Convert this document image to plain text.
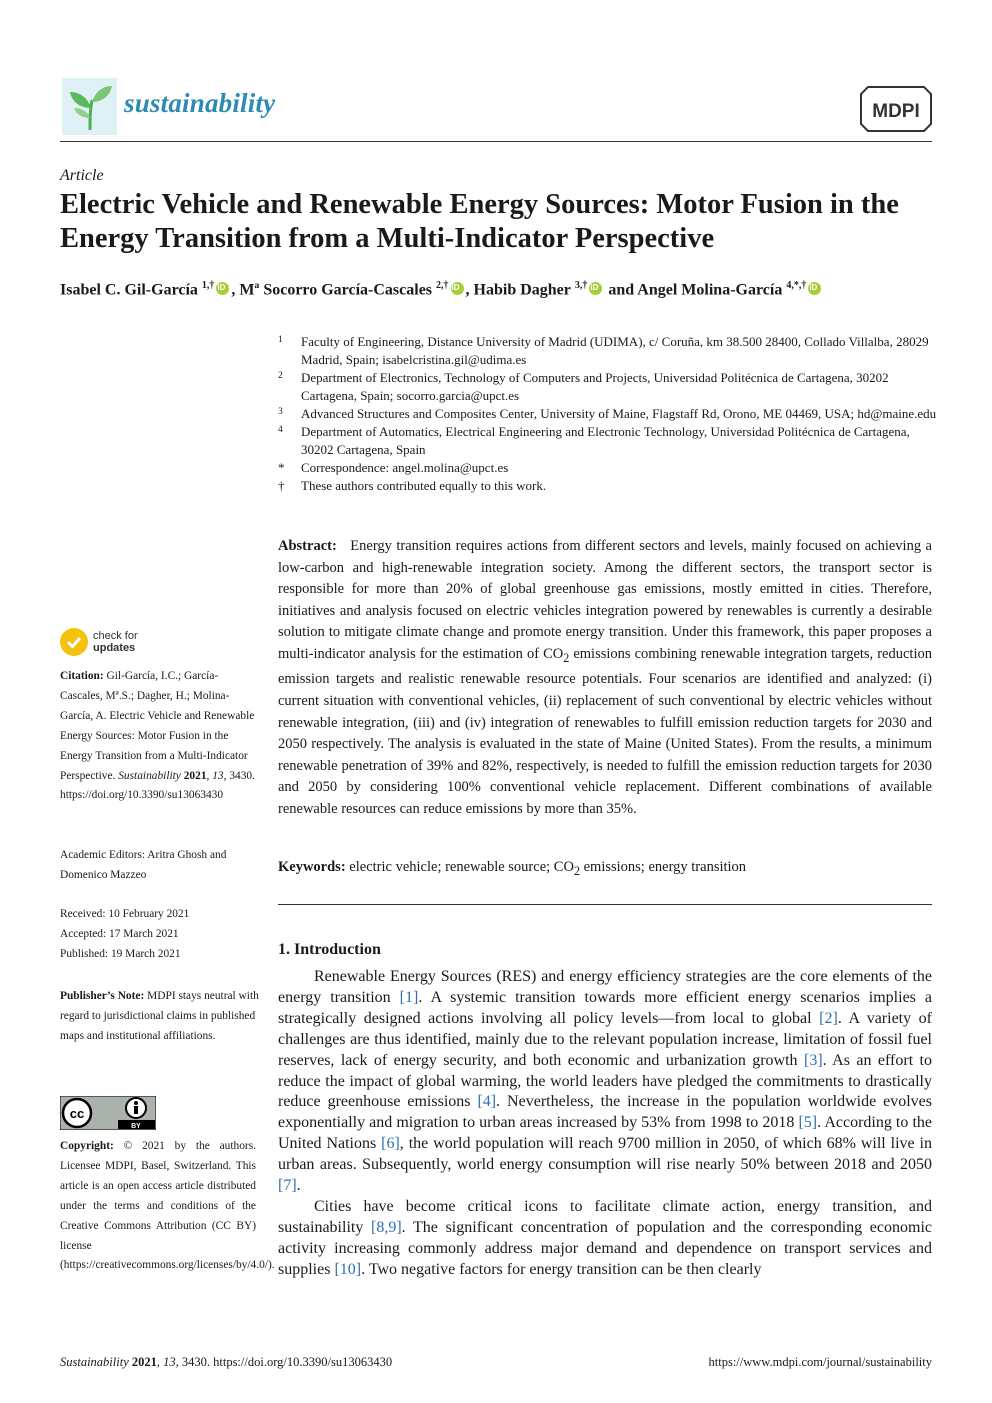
sustainability	MDPI
Article
Electric Vehicle and Renewable Energy Sources: Motor Fusion in the Energy Transition from a Multi-Indicator Perspective
Isabel C. Gil-García $^{1,\dagger}$ iD , Mª Socorro García-Cascales $^{2,\dagger}$ iD , Habib Dagher $^{3,\dagger}$iD and Angel Molina-García $^{4,*,\dagger}$iD
1 Faculty of Engineering, Distance University of Madrid (UDIMA), c/ Coruña, km 38.500 28400, Collado Villalba, 28029 Madrid, Spain; isabelcristina.gil@udima.es
2 Department of Electronics, Technology of Computers and Projects, Universidad Politécnica de Cartagena, 30202 Cartagena, Spain; socorro.garcia@upct.es
3 Advanced Structures and Composites Center, University of Maine, Flagstaff Rd, Orono, ME 04469, USA; hd@maine.edu
4 Department of Automatics, Electrical Engineering and Electronic Technology, Universidad Politécnica de Cartagena, 30202 Cartagena, Spain
* Correspondence: angel.molina@upct.es
† These authors contributed equally to this work.
Abstract: Energy transition requires actions from different sectors and levels, mainly focused on achieving a low-carbon and high-renewable integration society. Among the different sectors, the transport sector is responsible for more than 20% of global greenhouse gas emissions, mostly emitted in cities. Therefore, initiatives and analysis focused on electric vehicles integration powered by renewables is currently a desirable solution to mitigate climate change and promote energy transition. Under this framework, this paper proposes a multi-indicator analysis for the estimation of $CO_2$ emissions combining renewable integration targets, reduction emission targets and realistic renewable resource potentials. Four scenarios are identified and analyzed: (i) current situation with conventional vehicles, (ii) replacement of such conventional by electric vehicles without renewable integration, (iii) and (iv) integration of renewables to fulfill emission reduction targets for 2030 and 2050 respectively. The analysis is evaluated in the state of Maine (United States). From the results, a minimum renewable penetration of 39% and 82%, respectively, is needed to fulfill the emission reduction targets for 2030 and 2050 by considering 100% conventional vehicle replacement. Different combinations of available renewable resources can reduce emissions by more than 35%.
Keywords: electric vehicle; renewable source; $CO_2$ emissions; energy transition
1. Introduction

Renewable Energy Sources (RES) and energy efficiency strategies are the core elements of the energy transition [1]. A systemic transition towards more efficient energy scenarios implies a strategically designed actions involving all policy levels—from local to global [2]. A variety of challenges are thus identified, mainly due to the relevant population increase, limitation of fossil fuel reserves, lack of energy security, and both economic and urbanization growth [3]. As an effort to reduce the impact of global warming, the world leaders have pledged the commitments to drastically reduce greenhouse emissions [4]. Nevertheless, the increase in the population worldwide evolves exponentially and migration to urban areas increased by 53% from 1998 to 2018 [5]. According to the United Nations [6], the world population will reach 9700 million in 2050, of which 68% will live in urban areas. Subsequently, world energy consumption will rise nearly 50% between 2018 and 2050 [7].

Cities have become critical icons to facilitate climate action, energy transition, and sustainability [8,9]. The significant concentration of population and the corresponding economic activity increasing commonly address major demand and dependence on transport services and supplies [10]. Two negative factors for energy transition can be then clearly

check for
updates
Citation: Gil-García, I.C.; García-Cascales, Mª.S.; Dagher, H.; Molina-García, A. Electric Vehicle and Renewable Energy Sources: Motor Fusion in the Energy Transition from a Multi-Indicator Perspective. Sustainability 2021, 13, 3430. https://doi.org/10.3390/su13063430
Academic Editors: Aritra Ghosh and Domenico Mazzeo
Received: 10 February 2021
Accepted: 17 March 2021
Published: 19 March 2021
Publisher’s Note: MDPI stays neutral with regard to jurisdictional claims in published maps and institutional affiliations.
cc
BY
Copyright: © 2021 by the authors. Licensee MDPI, Basel, Switzerland. This article is an open access article distributed under the terms and conditions of the Creative Commons Attribution (CC BY) license (https://creativecommons.org/licenses/by/4.0/).
Sustainability 2021, 13, 3430. https://doi.org/10.3390/su13063430	https://www.mdpi.com/journal/sustainability
